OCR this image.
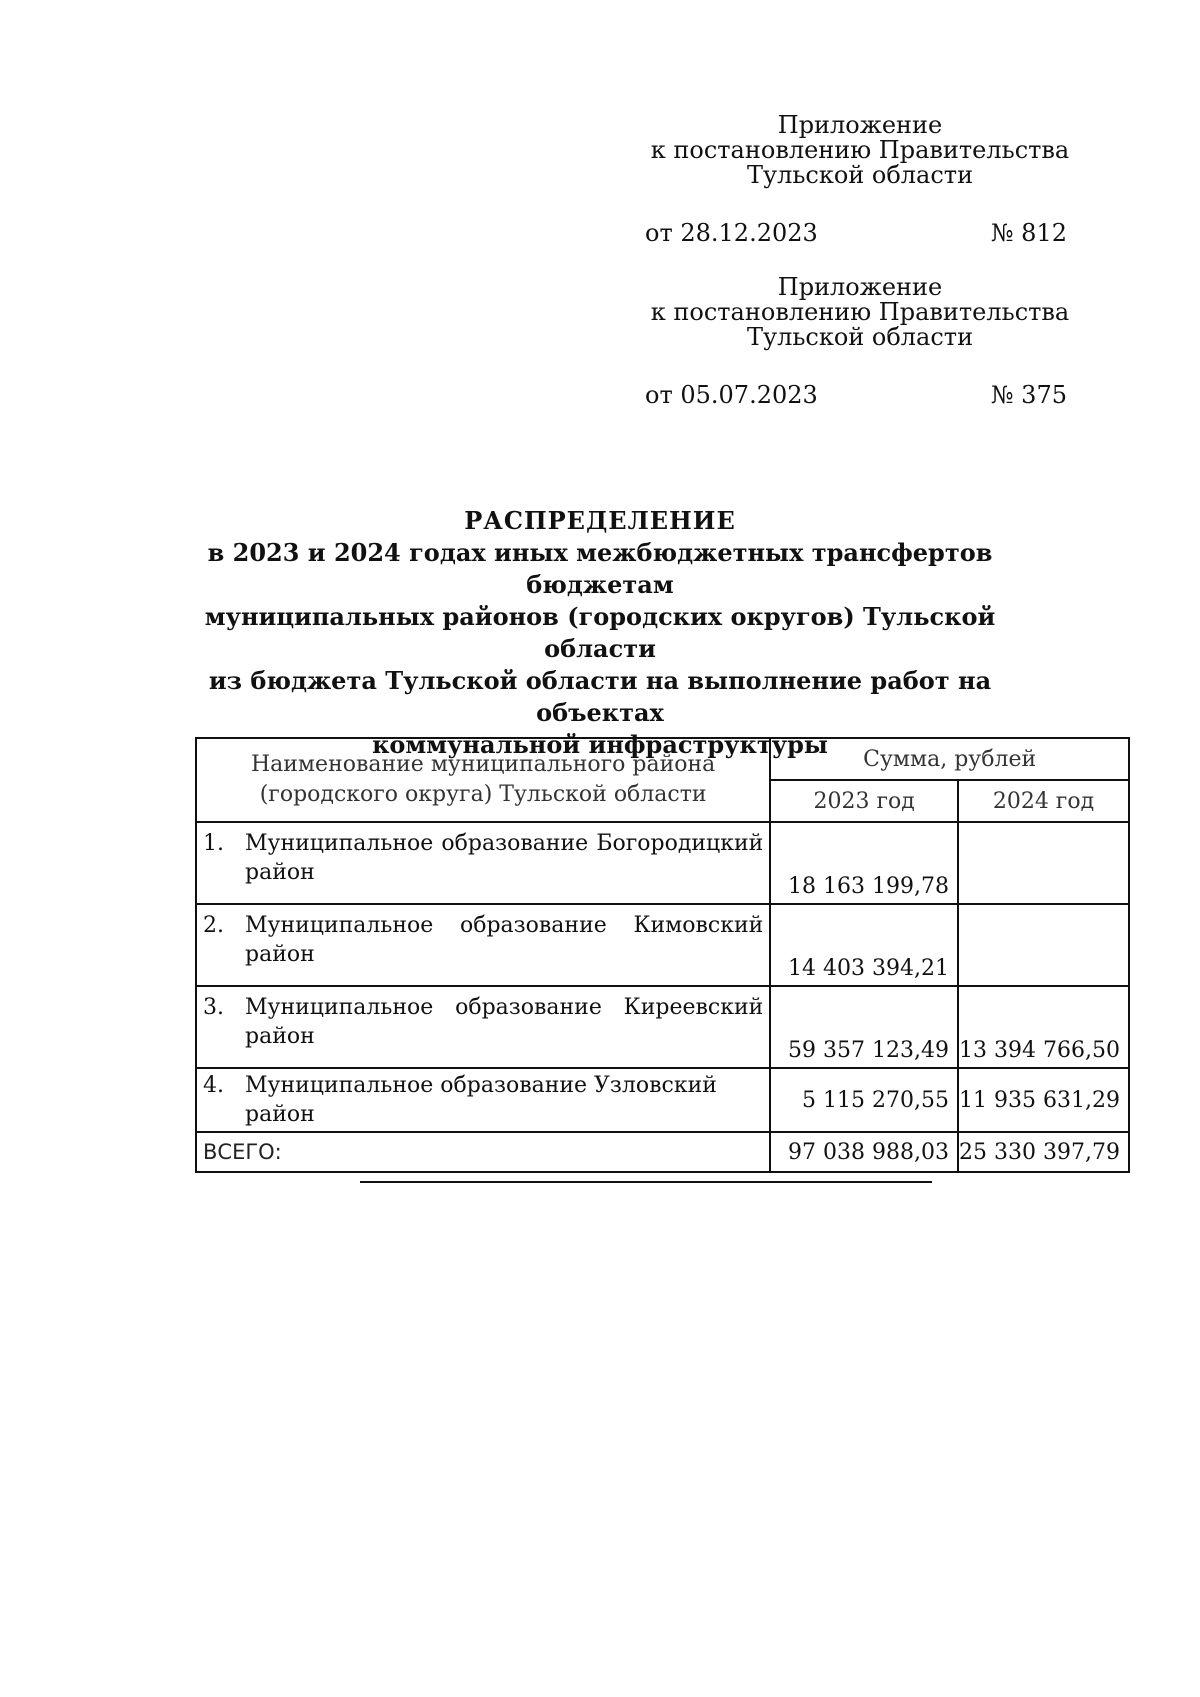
Приложение
к постановлению Правительства
Тульской области
от 28.12.2023	№ 812
Приложение
к постановлению Правительства
Тульской области
от 05.07.2023	№ 375
РАСПРЕДЕЛЕНИЕ
в 2023 и 2024 годах иных межбюджетных трансфертов бюджетам
муниципальных районов (городских округов) Тульской области
из бюджета Тульской области на выполнение работ на объектах
коммунальной инфраструктуры
Наименование муниципального района (городского округа) Тульской области	Сумма, рублей	
	2023 год	2024 год

1. Муниципальное образование Богородицкий район	18 163 199,78	

2. Муниципальное образование Кимовский район	14 403 394,21	

3. Муниципальное образование Киреевский район	59 357 123,49	13 394 766,50

4. Муниципальное образование Узловский район	5 115 270,55	11 935 631,29
ВСЕГО:	97 038 988,03	25 330 397,79
